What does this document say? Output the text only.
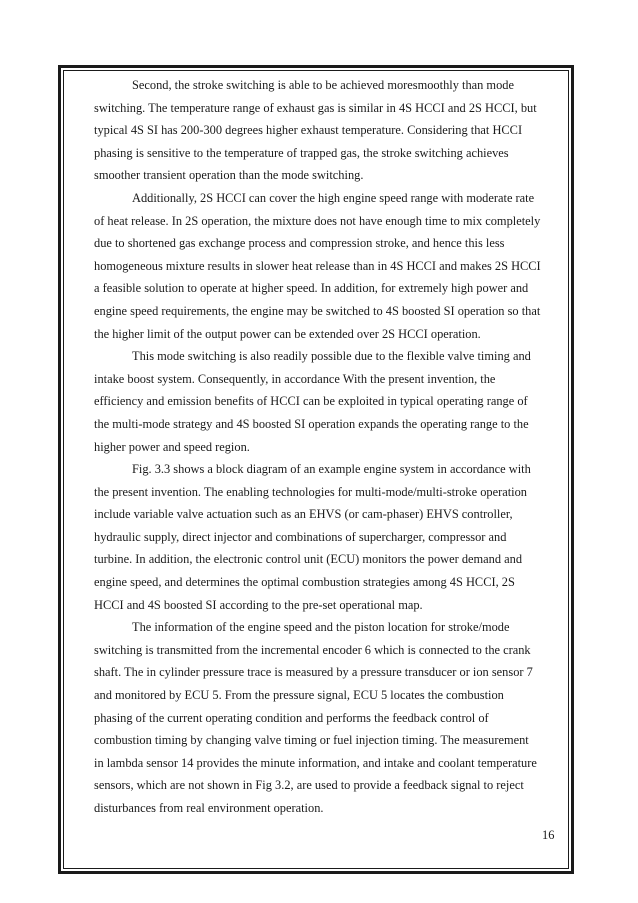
Second, the stroke switching is able to be achieved moresmoothly than mode
switching. The temperature range of exhaust gas is similar in 4S HCCI and 2S HCCI, but
typical 4S SI has 200-300 degrees higher exhaust temperature. Considering that HCCI
phasing is sensitive to the temperature of trapped gas, the stroke switching achieves
smoother transient operation than the mode switching.
Additionally, 2S HCCI can cover the high engine speed range with moderate rate
of heat release. In 2S operation, the mixture does not have enough time to mix completely
due to shortened gas exchange process and compression stroke, and hence this less
homogeneous mixture results in slower heat release than in 4S HCCI and makes 2S HCCI
a feasible solution to operate at higher speed. In addition, for extremely high power and
engine speed requirements, the engine may be switched to 4S boosted SI operation so that
the higher limit of the output power can be extended over 2S HCCI operation.
This mode switching is also readily possible due to the flexible valve timing and
intake boost system. Consequently, in accordance With the present invention, the
efficiency and emission benefits of HCCI can be exploited in typical operating range of
the multi-mode strategy and 4S boosted SI operation expands the operating range to the
higher power and speed region.
Fig. 3.3 shows a block diagram of an example engine system in accordance with
the present invention. The enabling technologies for multi-mode/multi-stroke operation
include variable valve actuation such as an EHVS (or cam-phaser) EHVS controller,
hydraulic supply, direct injector and combinations of supercharger, compressor and
turbine. In addition, the electronic control unit (ECU) monitors the power demand and
engine speed, and determines the optimal combustion strategies among 4S HCCI, 2S
HCCI and 4S boosted SI according to the pre-set operational map.
The information of the engine speed and the piston location for stroke/mode
switching is transmitted from the incremental encoder 6 which is connected to the crank
shaft. The in cylinder pressure trace is measured by a pressure transducer or ion sensor 7
and monitored by ECU 5. From the pressure signal, ECU 5 locates the combustion
phasing of the current operating condition and performs the feedback control of
combustion timing by changing valve timing or fuel injection timing. The measurement
in lambda sensor 14 provides the minute information, and intake and coolant temperature
sensors, which are not shown in Fig 3.2, are used to provide a feedback signal to reject
disturbances from real environment operation.
16
